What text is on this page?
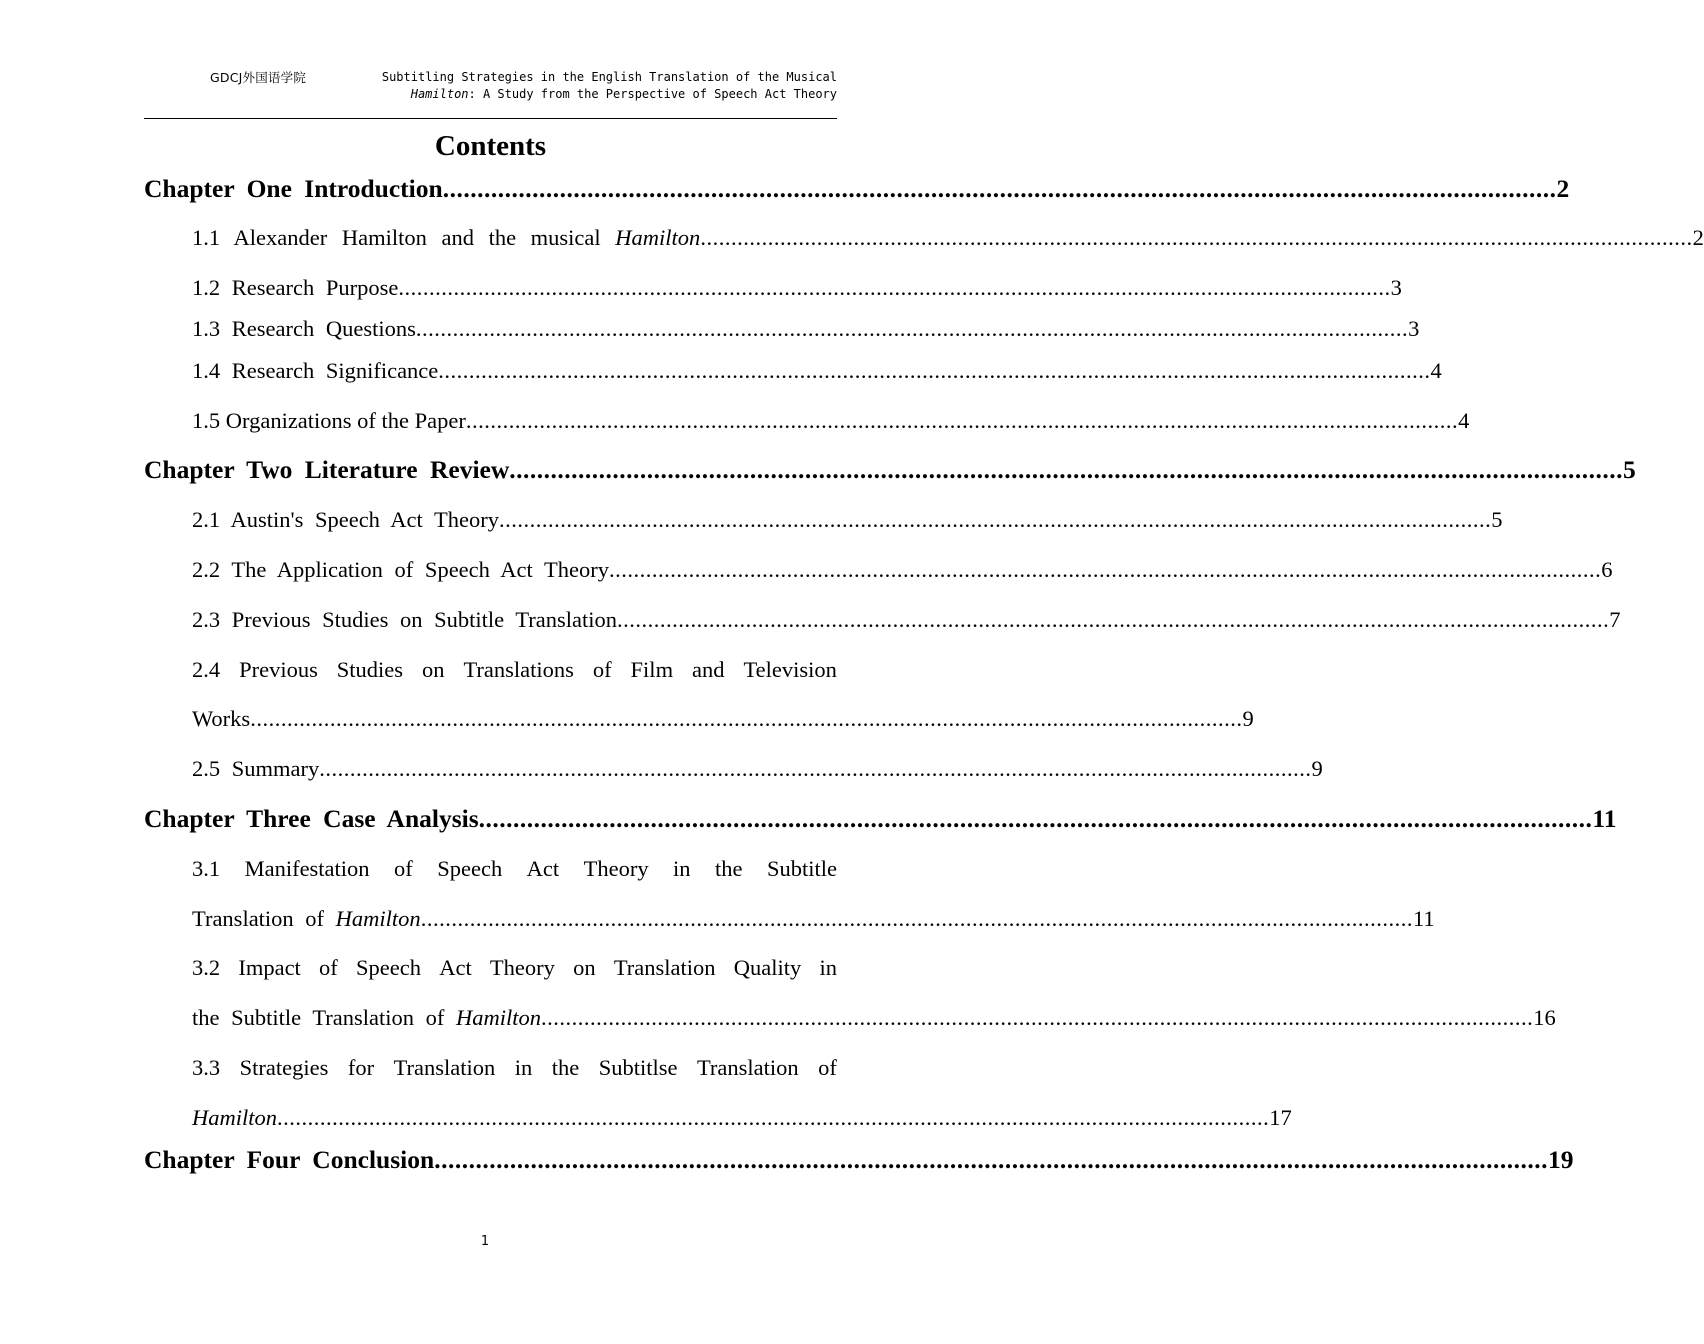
GDCJ外国语学院	Subtitling Strategies in the English Translation of the Musical
Hamilton: A Study from the Perspective of Speech Act Theory
Contents
Chapter One Introduction .................................................................................................................................................................. 2
1.1 Alexander Hamilton and the musical Hamilton .................................................................................................................................................................. 2
1.2 Research Purpose .................................................................................................................................................................. 3
1.3 Research Questions .................................................................................................................................................................. 3
1.4 Research Significance .................................................................................................................................................................. 4
1.5 Organizations of the Paper .................................................................................................................................................................. 4
Chapter Two Literature Review .................................................................................................................................................................. 5
2.1 Austin's Speech Act Theory .................................................................................................................................................................. 5
2.2 The Application of Speech Act Theory .................................................................................................................................................................. 6
2.3 Previous Studies on Subtitle Translation .................................................................................................................................................................. 7
2.4 Previous Studies on Translations of Film and Television
Works .................................................................................................................................................................. 9
2.5 Summary .................................................................................................................................................................. 9
Chapter Three Case Analysis .................................................................................................................................................................. 11
3.1 Manifestation of Speech Act Theory in the Subtitle
Translation of Hamilton .................................................................................................................................................................. 11
3.2 Impact of Speech Act Theory on Translation Quality in
the Subtitle Translation of Hamilton .................................................................................................................................................................. 16
3.3 Strategies for Translation in the Subtitlse Translation of
Hamilton .................................................................................................................................................................. 17
Chapter Four Conclusion .................................................................................................................................................................. 19
1
